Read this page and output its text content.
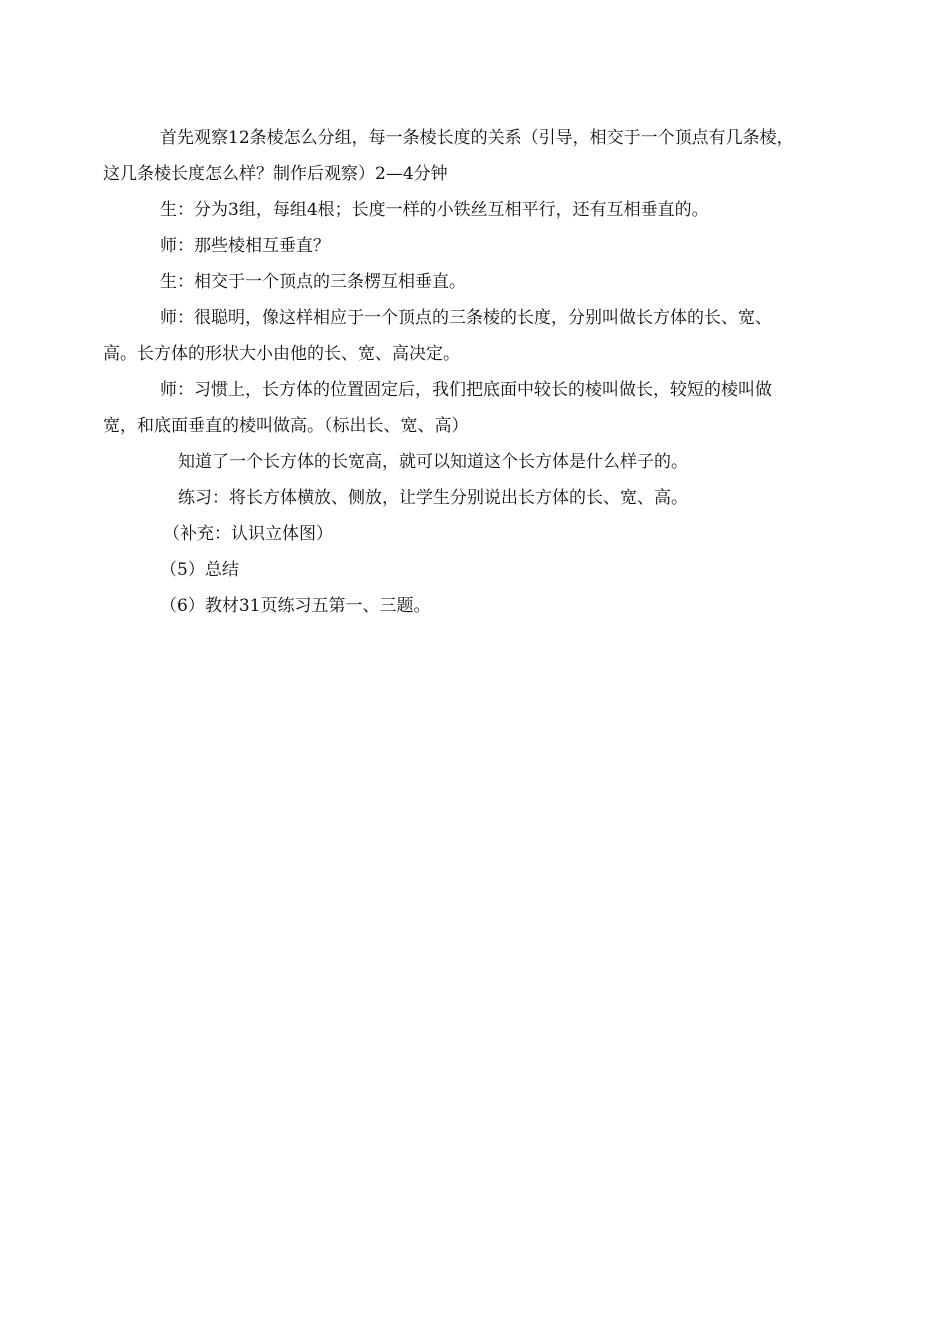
首先观察12条棱怎么分组，每一条棱长度的关系（引导，相交于一个顶点有几条棱，这几条棱长度怎么样？制作后观察）2—4分钟

生：分为3组，每组4根；长度一样的小铁丝互相平行，还有互相垂直的。

师：那些棱相互垂直？

生：相交于一个顶点的三条楞互相垂直。

师：很聪明，像这样相应于一个顶点的三条棱的长度，分别叫做长方体的长、宽、高。长方体的形状大小由他的长、宽、高决定。

师：习惯上，长方体的位置固定后，我们把底面中较长的棱叫做长，较短的棱叫做宽，和底面垂直的棱叫做高。（标出长、宽、高）

知道了一个长方体的长宽高，就可以知道这个长方体是什么样子的。

练习：将长方体横放、侧放，让学生分别说出长方体的长、宽、高。

（补充：认识立体图）

（5）总结

（6）教材31页练习五第一、三题。
